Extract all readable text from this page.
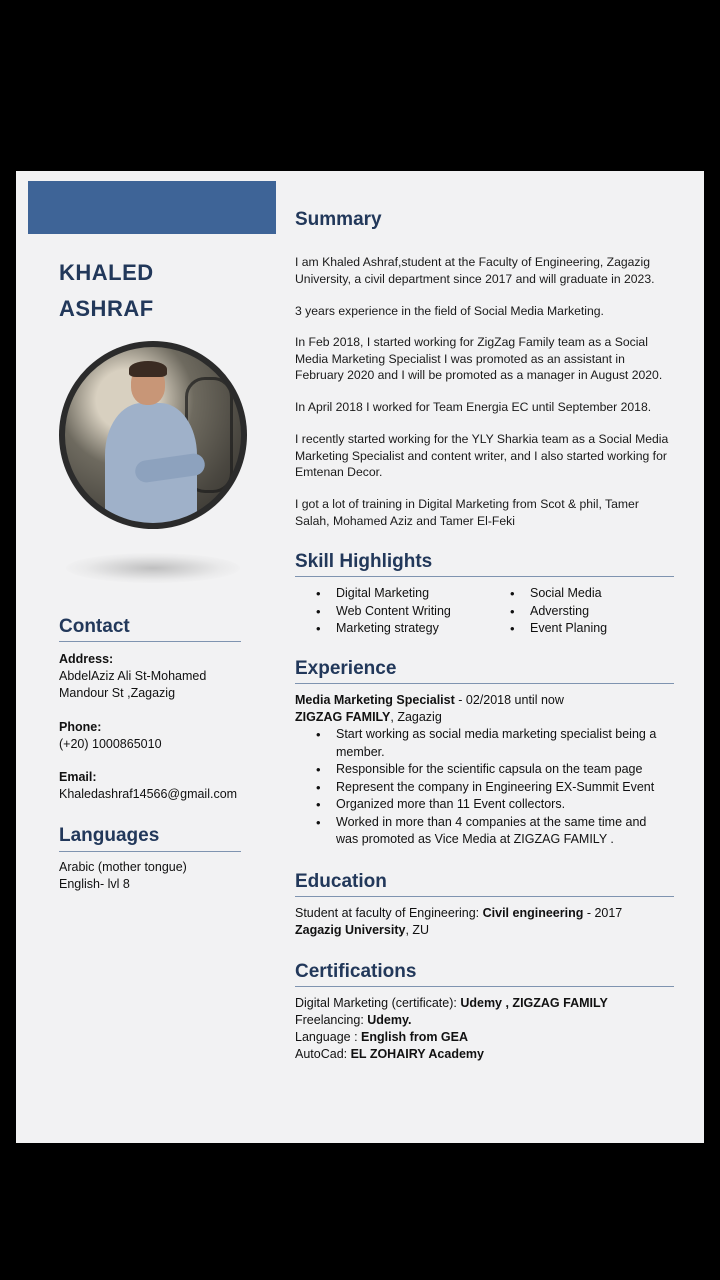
KHALED
ASHRAF
Contact
Address:
AbdelAziz Ali St-Mohamed
Mandour St ,Zagazig
Phone:
(+20) 1000865010
Email:
Khaledashraf14566@gmail.com
Languages
Arabic (mother tongue)
English- lvl 8
Summary
I am Khaled Ashraf,student at the Faculty of Engineering, Zagazig University, a civil department since 2017 and will graduate in 2023.
3 years experience in the field of Social Media Marketing.
In Feb 2018, I started working for ZigZag Family team as a Social Media Marketing Specialist I was promoted as an assistant in February 2020 and I will be promoted as a manager in August 2020.
In April 2018 I worked for Team Energia EC until September 2018.
I recently started working for the YLY Sharkia team as a Social Media Marketing Specialist and content writer, and I also started working for Emtenan Decor.
I got a lot of training in Digital Marketing from Scot & phil, Tamer Salah, Mohamed Aziz and Tamer El-Feki
Skill Highlights
• Digital Marketing
• Web Content Writing
• Marketing strategy
• Social Media
• Adversting
• Event Planing
Experience
Media Marketing Specialist - 02/2018 until now
ZIGZAG FAMILY, Zagazig
• Start working as social media marketing specialist being a member.
• Responsible for the scientific capsula on the team page
• Represent the company in Engineering EX-Summit Event
• Organized more than 11 Event collectors.
• Worked in more than 4 companies at the same time and was promoted as Vice Media at ZIGZAG FAMILY .
Education
Student at faculty of Engineering: Civil engineering - 2017
Zagazig University, ZU
Certifications
Digital Marketing (certificate): Udemy , ZIGZAG FAMILY
Freelancing: Udemy.
Language : English from GEA
AutoCad: EL ZOHAIRY Academy
